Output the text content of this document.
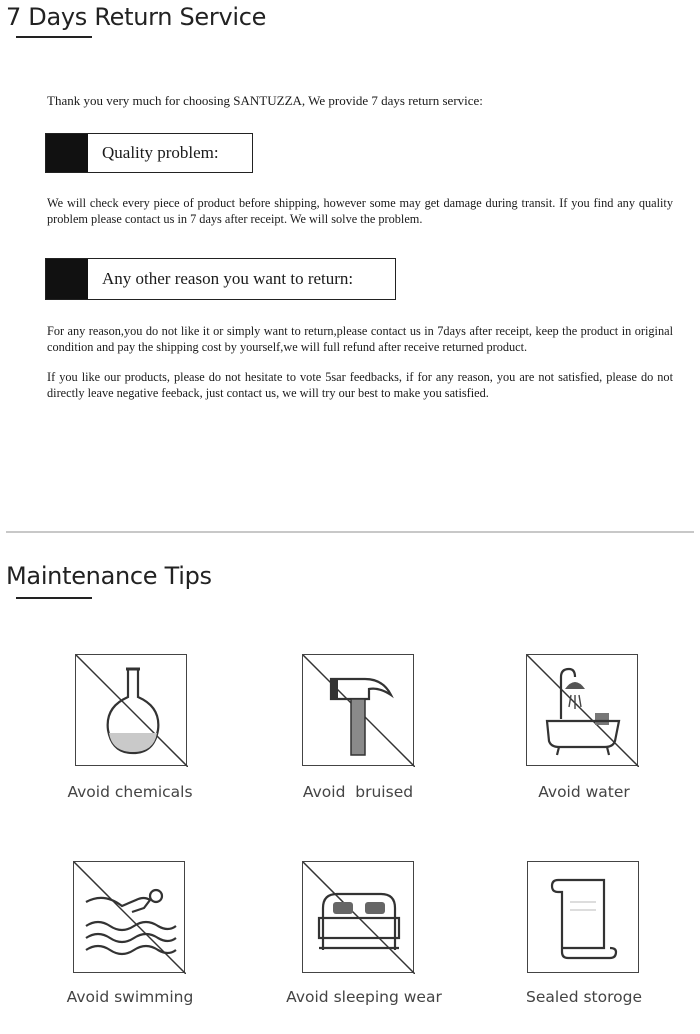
7 Days Return Service
Thank you very much for choosing SANTUZZA, We provide 7 days return service:
Quality problem:
We will check every piece of product before shipping, however some may get damage during transit. If you find any quality problem please contact us in 7 days after receipt. We will solve the problem.
Any other reason you want to return:
For any reason,you do not like it or simply want to return,please contact us in 7days after receipt, keep the product in original condition and pay the shipping cost by yourself,we will full refund after receive returned product.
If you like our products, please do not hesitate to vote 5sar feedbacks, if for any reason, you are not satisfied, please do not directly leave negative feeback, just contact us, we will try our best to make you satisfied.
Maintenance Tips
Avoid chemicals	Avoid  bruised	Avoid water
Avoid swimming	Avoid sleeping wear	Sealed storoge
